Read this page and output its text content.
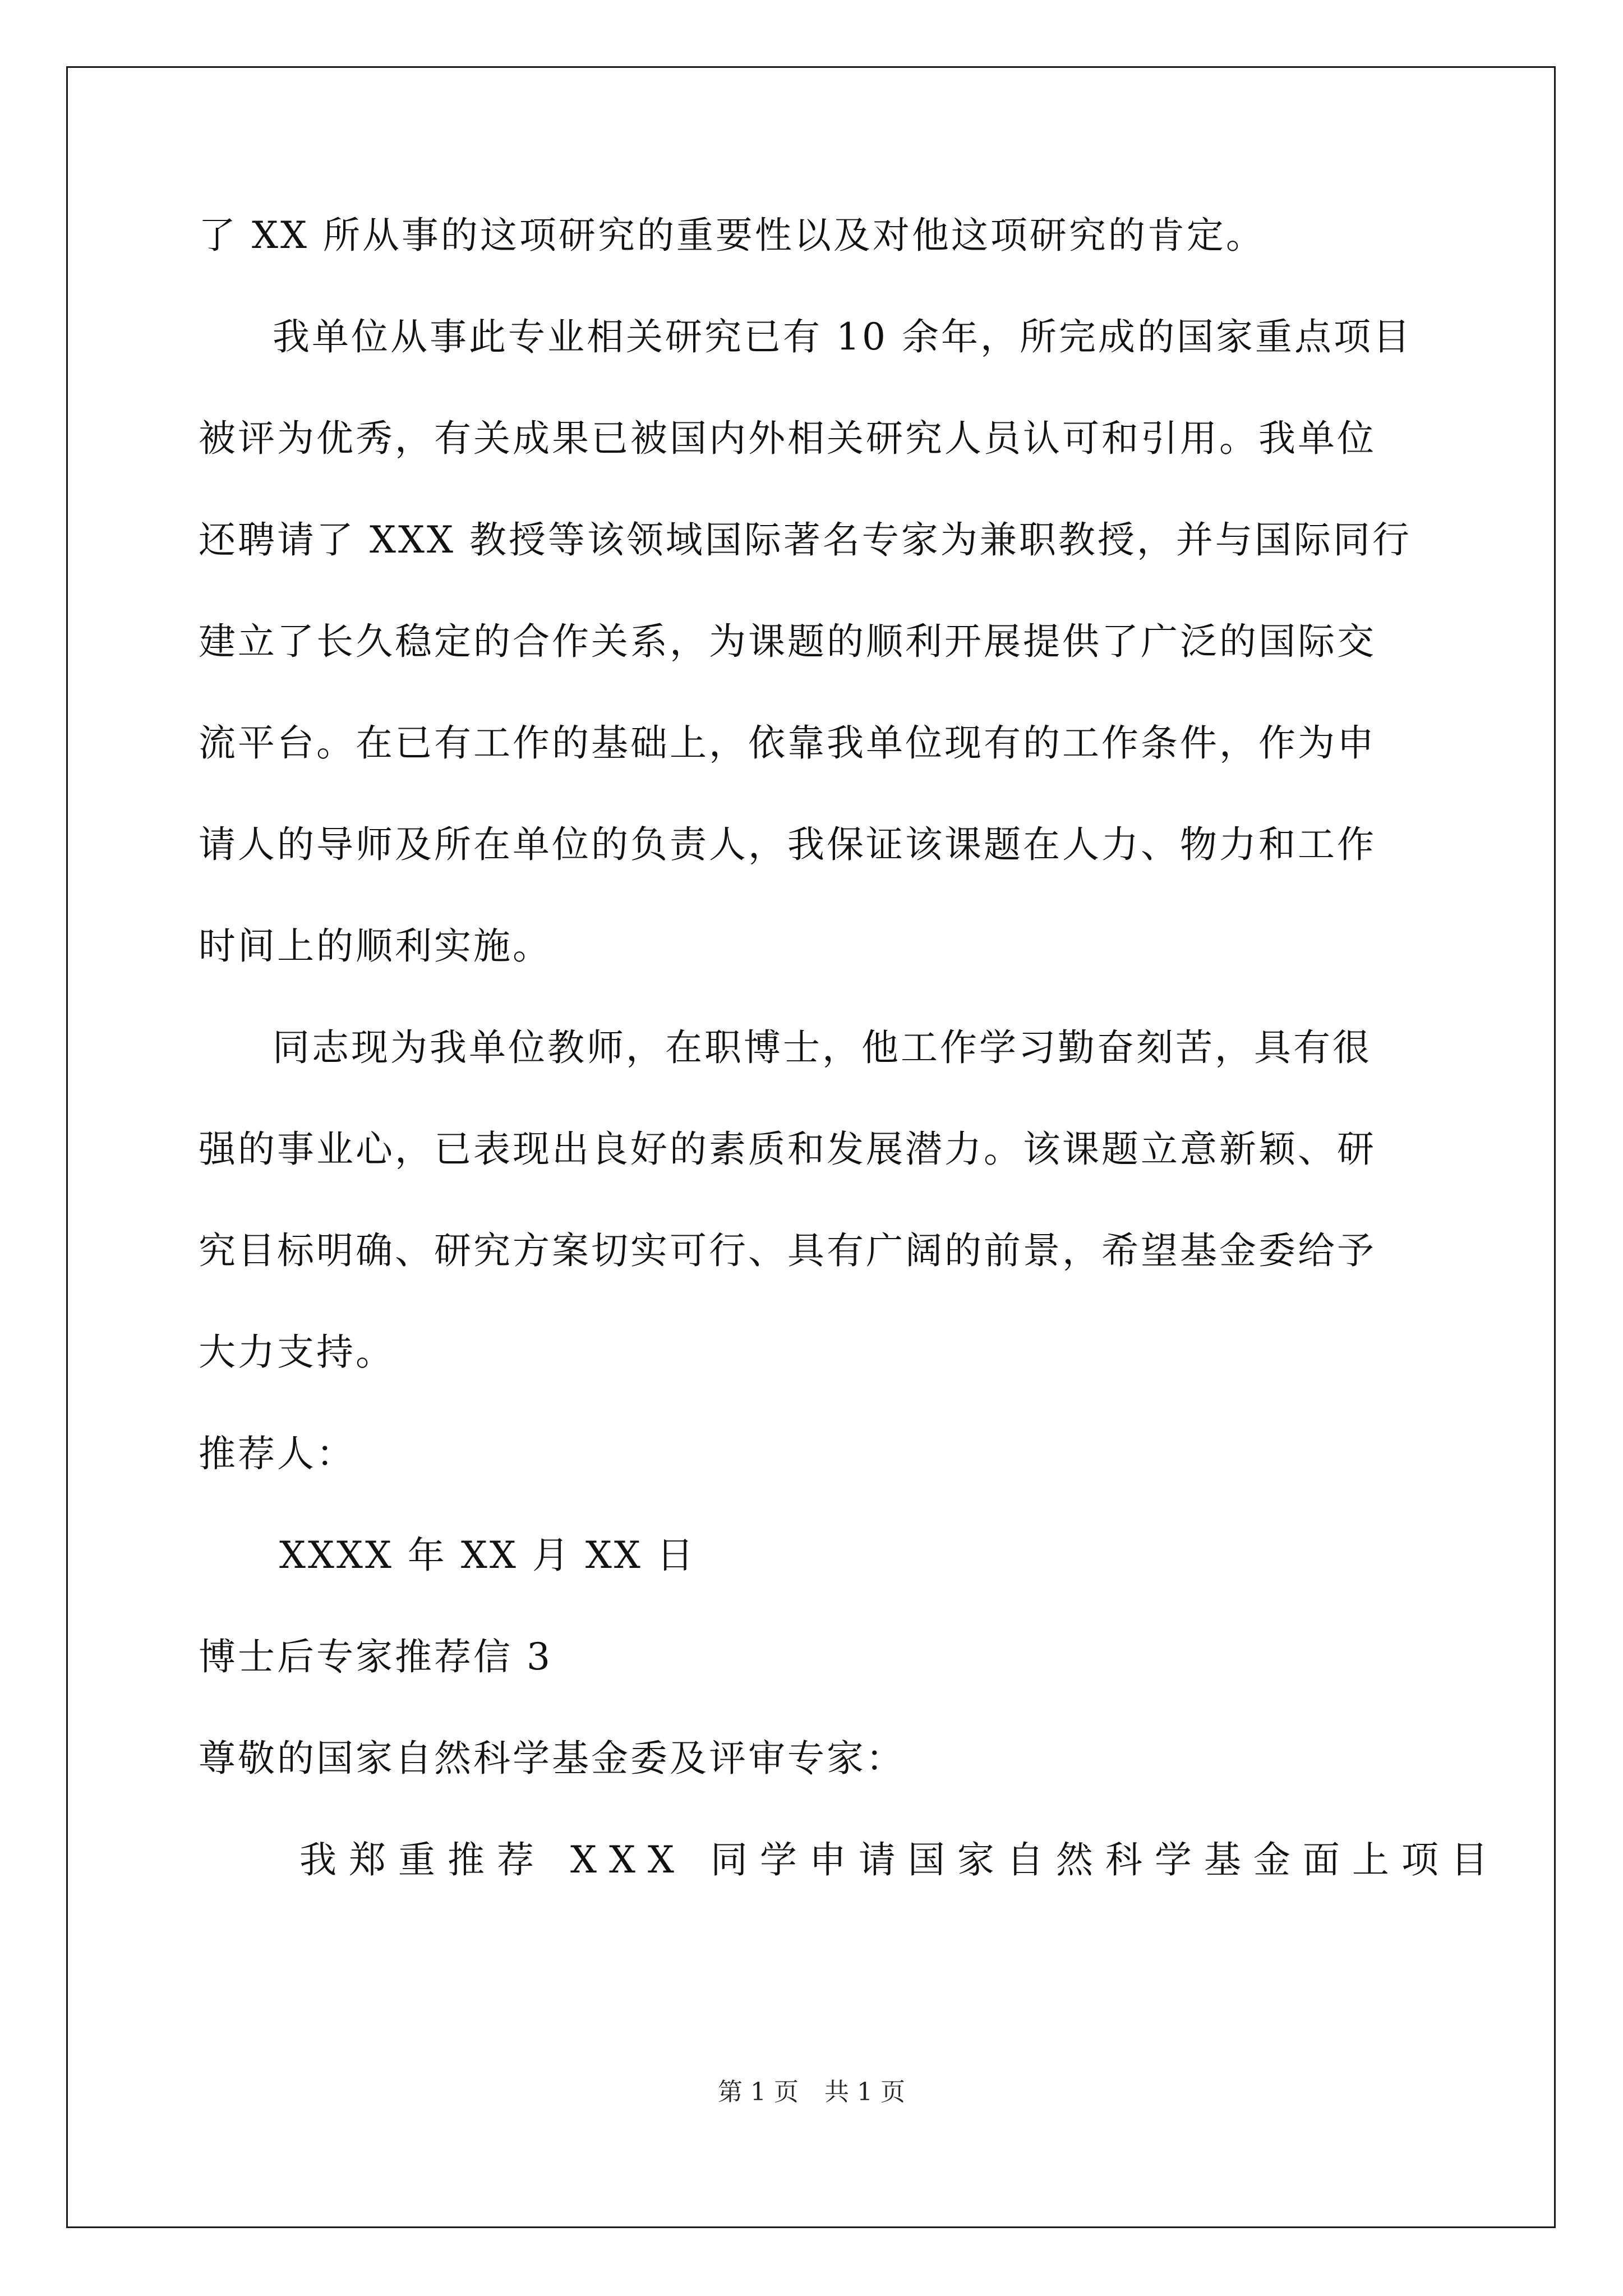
了 XX 所从事的这项研究的重要性以及对他这项研究的肯定。
我单位从事此专业相关研究已有 10 余年，所完成的国家重点项目
被评为优秀，有关成果已被国内外相关研究人员认可和引用。我单位
还聘请了 XXX 教授等该领域国际著名专家为兼职教授，并与国际同行
建立了长久稳定的合作关系，为课题的顺利开展提供了广泛的国际交
流平台。在已有工作的基础上，依靠我单位现有的工作条件，作为申
请人的导师及所在单位的负责人，我保证该课题在人力、物力和工作
时间上的顺利实施。
同志现为我单位教师，在职博士，他工作学习勤奋刻苦，具有很
强的事业心，已表现出良好的素质和发展潜力。该课题立意新颖、研
究目标明确、研究方案切实可行、具有广阔的前景，希望基金委给予
大力支持。
推荐人：
XXXX 年 XX 月 XX 日
博士后专家推荐信 3
尊敬的国家自然科学基金委及评审专家：
我郑重推荐 XXX 同学申请国家自然科学基金面上项目
第 1 页 共 1 页
